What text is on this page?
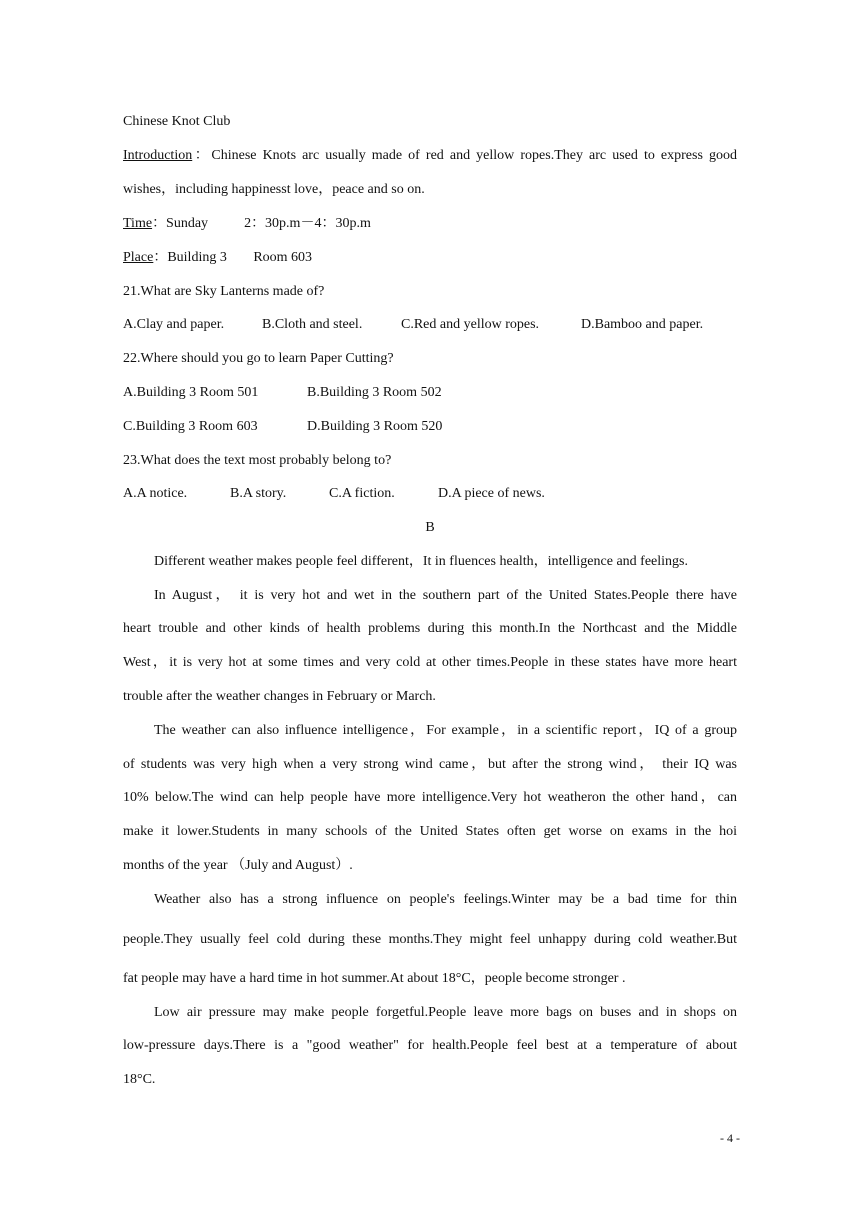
Chinese Knot Club
Introduction：Chinese Knots arc usually made of red and yellow ropes.They arc used to express good
wishes，including happinesst love，peace and so on.
Time：Sunday	2：30p.m－4：30p.m
Place：Building 3 Room 603
21.What are Sky Lanterns made of?
A.Clay and paper.	B.Cloth and steel.	C.Red and yellow ropes.	D.Bamboo and paper.
22.Where should you go to learn Paper Cutting?
A.Building 3 Room 501	B.Building 3 Room 502
C.Building 3 Room 603	D.Building 3 Room 520
23.What does the text most probably belong to?
A.A notice.	B.A story.	C.A fiction.	D.A piece of news.
B
Different weather makes people feel different，It in fluences health，intelligence and feelings.
In August， it is very hot and wet in the southern part of the United States.People there have
heart trouble and other kinds of health problems during this month.In the Northcast and the Middle
West，it is very hot at some times and very cold at other times.People in these states have more heart
trouble after the weather changes in February or March.
The weather can also influence intelligence，For example，in a scientific report，IQ of a group
of students was very high when a very strong wind came，but after the strong wind， their IQ was
10% below.The wind can help people have more intelligence.Very hot weatheron the other hand，can
make it lower.Students in many schools of the United States often get worse on exams in the hoi
months of the year （July and August）.
Weather also has a strong influence on people's feelings.Winter may be a bad time for thin
people.They usually feel cold during these months.They might feel unhappy during cold weather.But
fat people may have a hard time in hot summer.At about 18°C，people become stronger .
Low air pressure may make people forgetful.People leave more bags on buses and in shops on
low-pressure days.There is a "good weather" for health.People feel best at a temperature of about
18°C.
- 4 -
